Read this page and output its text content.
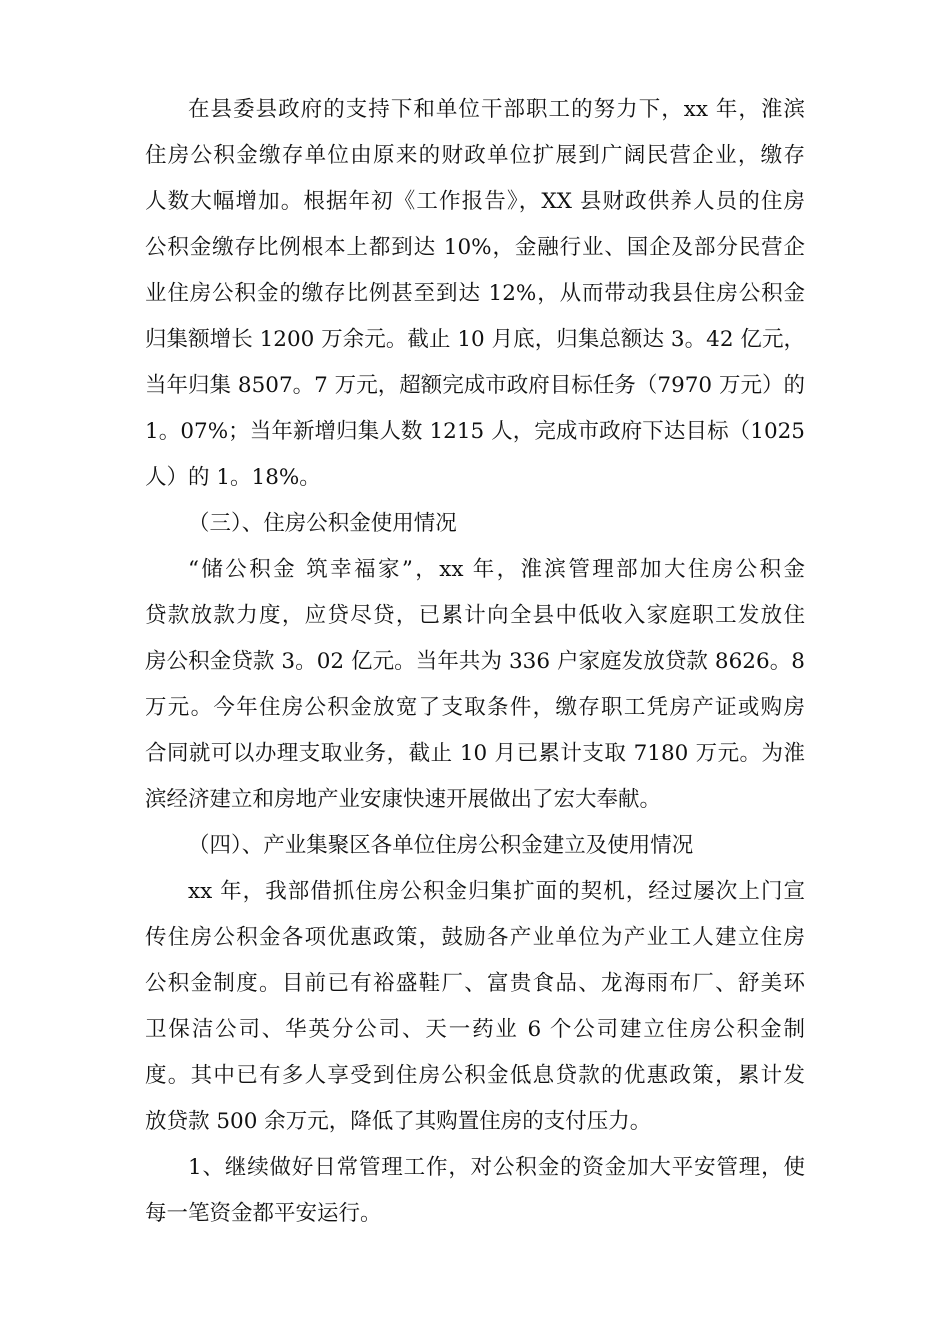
在县委县政府的支持下和单位干部职工的努力下，xx 年，淮滨
住房公积金缴存单位由原来的财政单位扩展到广阔民营企业，缴存
人数大幅增加。根据年初《工作报告》，XX 县财政供养人员的住房
公积金缴存比例根本上都到达 10%，金融行业、国企及部分民营企
业住房公积金的缴存比例甚至到达 12%，从而带动我县住房公积金
归集额增长 1200 万余元。截止 10 月底，归集总额达 3。42 亿元，
当年归集 8507。7 万元，超额完成市政府目标任务（7970 万元）的
1。07%；当年新增归集人数 1215 人，完成市政府下达目标（1025
人）的 1。18%。
（三）、住房公积金使用情况
“储公积金 筑幸福家”，xx 年，淮滨管理部加大住房公积金
贷款放款力度，应贷尽贷，已累计向全县中低收入家庭职工发放住
房公积金贷款 3。02 亿元。当年共为 336 户家庭发放贷款 8626。8
万元。今年住房公积金放宽了支取条件，缴存职工凭房产证或购房
合同就可以办理支取业务，截止 10 月已累计支取 7180 万元。为淮
滨经济建立和房地产业安康快速开展做出了宏大奉献。
（四）、产业集聚区各单位住房公积金建立及使用情况
xx 年，我部借抓住房公积金归集扩面的契机，经过屡次上门宣
传住房公积金各项优惠政策，鼓励各产业单位为产业工人建立住房
公积金制度。目前已有裕盛鞋厂、富贵食品、龙海雨布厂、舒美环
卫保洁公司、华英分公司、天一药业 6 个公司建立住房公积金制
度。其中已有多人享受到住房公积金低息贷款的优惠政策，累计发
放贷款 500 余万元，降低了其购置住房的支付压力。
1、继续做好日常管理工作，对公积金的资金加大平安管理，使
每一笔资金都平安运行。
